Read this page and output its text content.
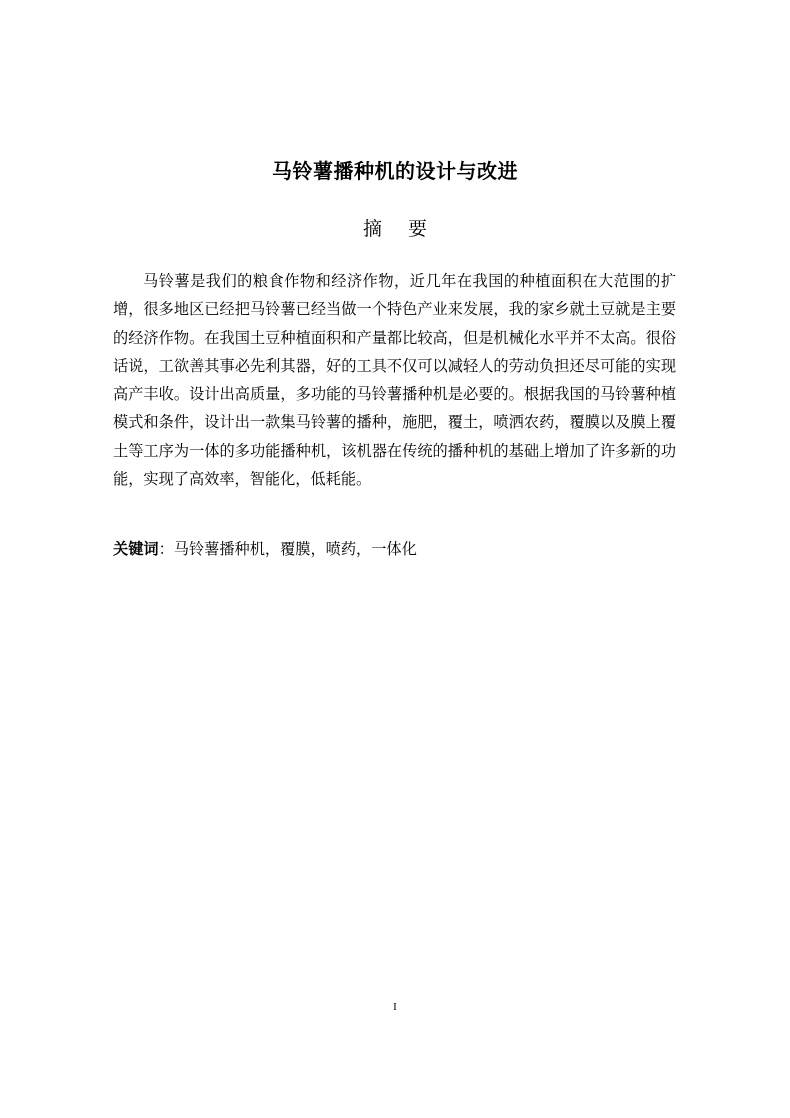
马铃薯播种机的设计与改进
摘 要

马铃薯是我们的粮食作物和经济作物，近几年在我国的种植面积在大范围的扩增，很多地区已经把马铃薯已经当做一个特色产业来发展，我的家乡就土豆就是主要的经济作物。在我国土豆种植面积和产量都比较高，但是机械化水平并不太高。很俗话说，工欲善其事必先利其器，好的工具不仅可以减轻人的劳动负担还尽可能的实现高产丰收。设计出高质量，多功能的马铃薯播种机是必要的。根据我国的马铃薯种植模式和条件，设计出一款集马铃薯的播种，施肥，覆土，喷洒农药，覆膜以及膜上覆土等工序为一体的多功能播种机，该机器在传统的播种机的基础上增加了许多新的功能，实现了高效率，智能化，低耗能。

关键词：马铃薯播种机，覆膜，喷药，一体化

I
